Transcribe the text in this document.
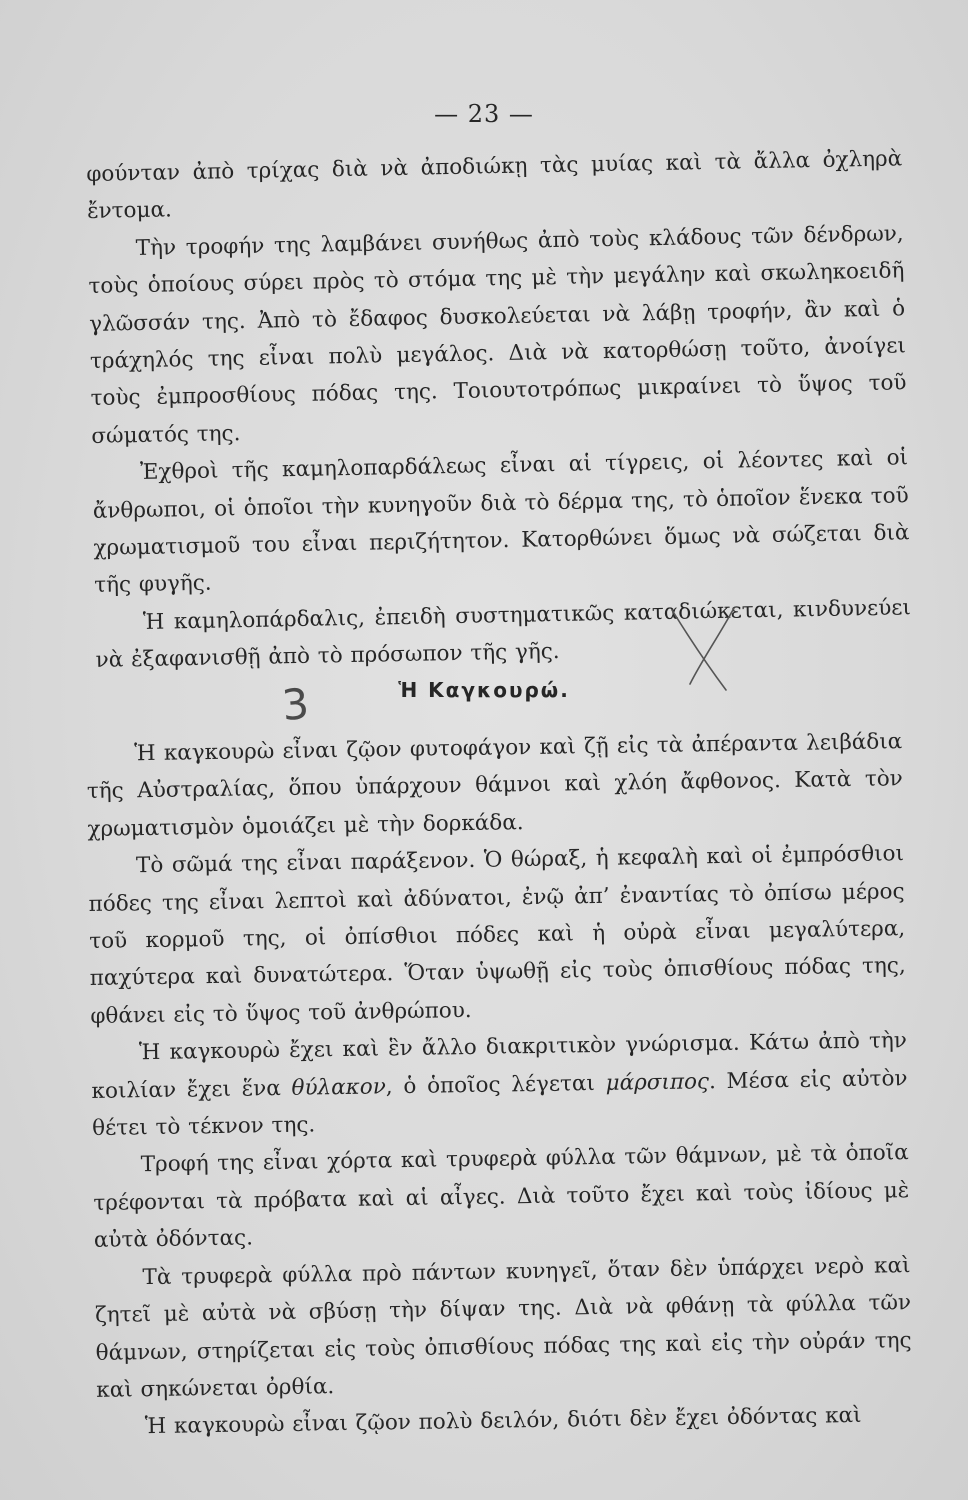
— 23 —

φούνταν ἀπὸ τρίχας διὰ νὰ ἀποδιώκῃ τὰς μυίας καὶ τὰ ἄλλα ὀχληρὰ ἔντομα.

Τὴν τροφήν της λαμβάνει συνήθως ἀπὸ τοὺς κλάδους τῶν δένδρων, τοὺς ὁποίους σύρει πρὸς τὸ στόμα της μὲ τὴν μεγάλην καὶ σκωληκοειδῆ γλῶσσάν της. Ἀπὸ τὸ ἔδαφος δυσκολεύεται νὰ λάβῃ τροφήν, ἂν καὶ ὁ τράχηλός της εἶναι πολὺ μεγάλος. Διὰ νὰ κατορθώσῃ τοῦτο, ἀνοίγει τοὺς ἐμπροσθίους πόδας της. Τοιουτοτρόπως μικραίνει τὸ ὕψος τοῦ σώματός της.

Ἐχθροὶ τῆς καμηλοπαρδάλεως εἶναι αἱ τίγρεις, οἱ λέοντες καὶ οἱ ἄνθρωποι, οἱ ὁποῖοι τὴν κυνηγοῦν διὰ τὸ δέρμα της, τὸ ὁποῖον ἕνεκα τοῦ χρωματισμοῦ του εἶναι περιζήτητον. Κατορθώνει ὅμως νὰ σώζεται διὰ τῆς φυγῆς.

Ἡ καμηλοπάρδαλις, ἐπειδὴ συστηματικῶς καταδιώκεται, κινδυνεύει νὰ ἐξαφανισθῇ ἀπὸ τὸ πρόσωπον τῆς γῆς.

3	Ἡ Καγκουρώ.

Ἡ καγκουρὼ εἶναι ζῷον φυτοφάγον καὶ ζῇ εἰς τὰ ἀπέραντα λειβάδια τῆς Αὐστραλίας, ὅπου ὑπάρχουν θάμνοι καὶ χλόη ἄφθονος. Κατὰ τὸν χρωματισμὸν ὁμοιάζει μὲ τὴν δορκάδα.

Τὸ σῶμά της εἶναι παράξενον. Ὁ θώραξ, ἡ κεφαλὴ καὶ οἱ ἐμπρόσθιοι πόδες της εἶναι λεπτοὶ καὶ ἀδύνατοι, ἐνῷ ἀπ’ ἐναντίας τὸ ὀπίσω μέρος τοῦ κορμοῦ της, οἱ ὀπίσθιοι πόδες καὶ ἡ οὐρὰ εἶναι μεγαλύτερα, παχύτερα καὶ δυνατώτερα. Ὅταν ὑψωθῇ εἰς τοὺς ὀπισθίους πόδας της, φθάνει εἰς τὸ ὕψος τοῦ ἀνθρώπου.

Ἡ καγκουρὼ ἔχει καὶ ἓν ἄλλο διακριτικὸν γνώρισμα. Κάτω ἀπὸ τὴν κοιλίαν ἔχει ἕνα θύλακον, ὁ ὁποῖος λέγεται μάρσιπος. Μέσα εἰς αὐτὸν θέτει τὸ τέκνον της.

Τροφή της εἶναι χόρτα καὶ τρυφερὰ φύλλα τῶν θάμνων, μὲ τὰ ὁποῖα τρέφονται τὰ πρόβατα καὶ αἱ αἶγες. Διὰ τοῦτο ἔχει καὶ τοὺς ἰδίους μὲ αὐτὰ ὀδόντας.

Τὰ τρυφερὰ φύλλα πρὸ πάντων κυνηγεῖ, ὅταν δὲν ὑπάρχει νερὸ καὶ ζητεῖ μὲ αὐτὰ νὰ σβύσῃ τὴν δίψαν της. Διὰ νὰ φθάνῃ τὰ φύλλα τῶν θάμνων, στηρίζεται εἰς τοὺς ὀπισθίους πόδας της καὶ εἰς τὴν οὐράν της καὶ σηκώνεται ὀρθία.

Ἡ καγκουρὼ εἶναι ζῷον πολὺ δειλόν, διότι δὲν ἔχει ὀδόντας καὶ
